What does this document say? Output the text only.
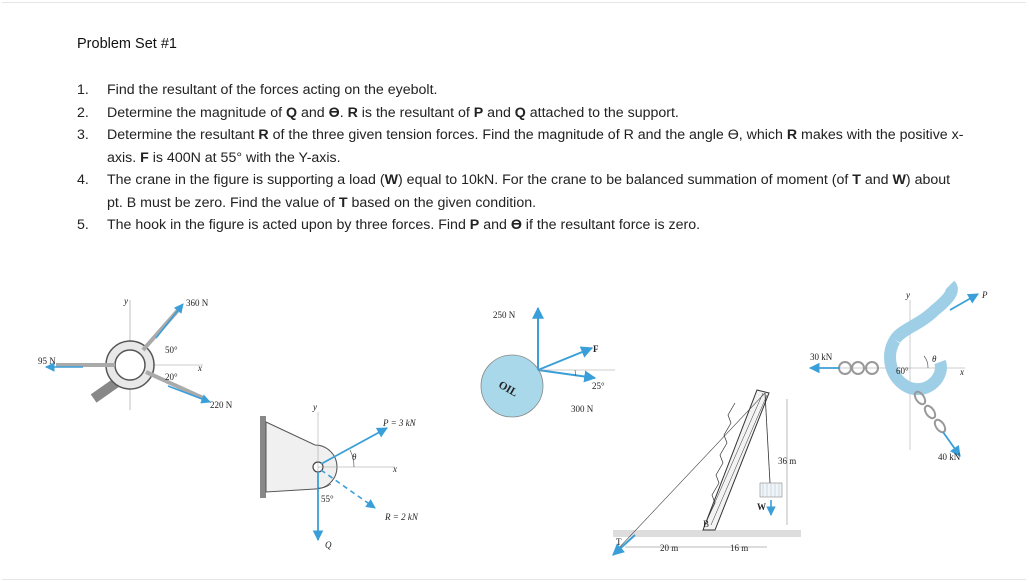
Problem Set #1
1. Find the resultant of the forces acting on the eyebolt.
2. Determine the magnitude of Q and ϴ. R is the resultant of P and Q attached to the support.
3. Determine the resultant R of the three given tension forces. Find the magnitude of R and the angle ϴ, which R makes with the positive x-axis. F is 400N at 55° with the Y-axis.
4. The crane in the figure is supporting a load (W) equal to 10kN. For the crane to be balanced summation of moment (of T and W) about pt. B must be zero. Find the value of T based on the given condition.
5. The hook in the figure is acted upon by three forces. Find P and ϴ if the resultant force is zero.
360 N
95 N
220 N
50°
20°
y
x
P = 3 kN
R = 2 kN
Q
θ
55°
x
y
OIL
250 N
F
300 N
25°
T
B
W
36 m
20 m	16 m
P
θ
30 kN
40 kN
60°	x
y
